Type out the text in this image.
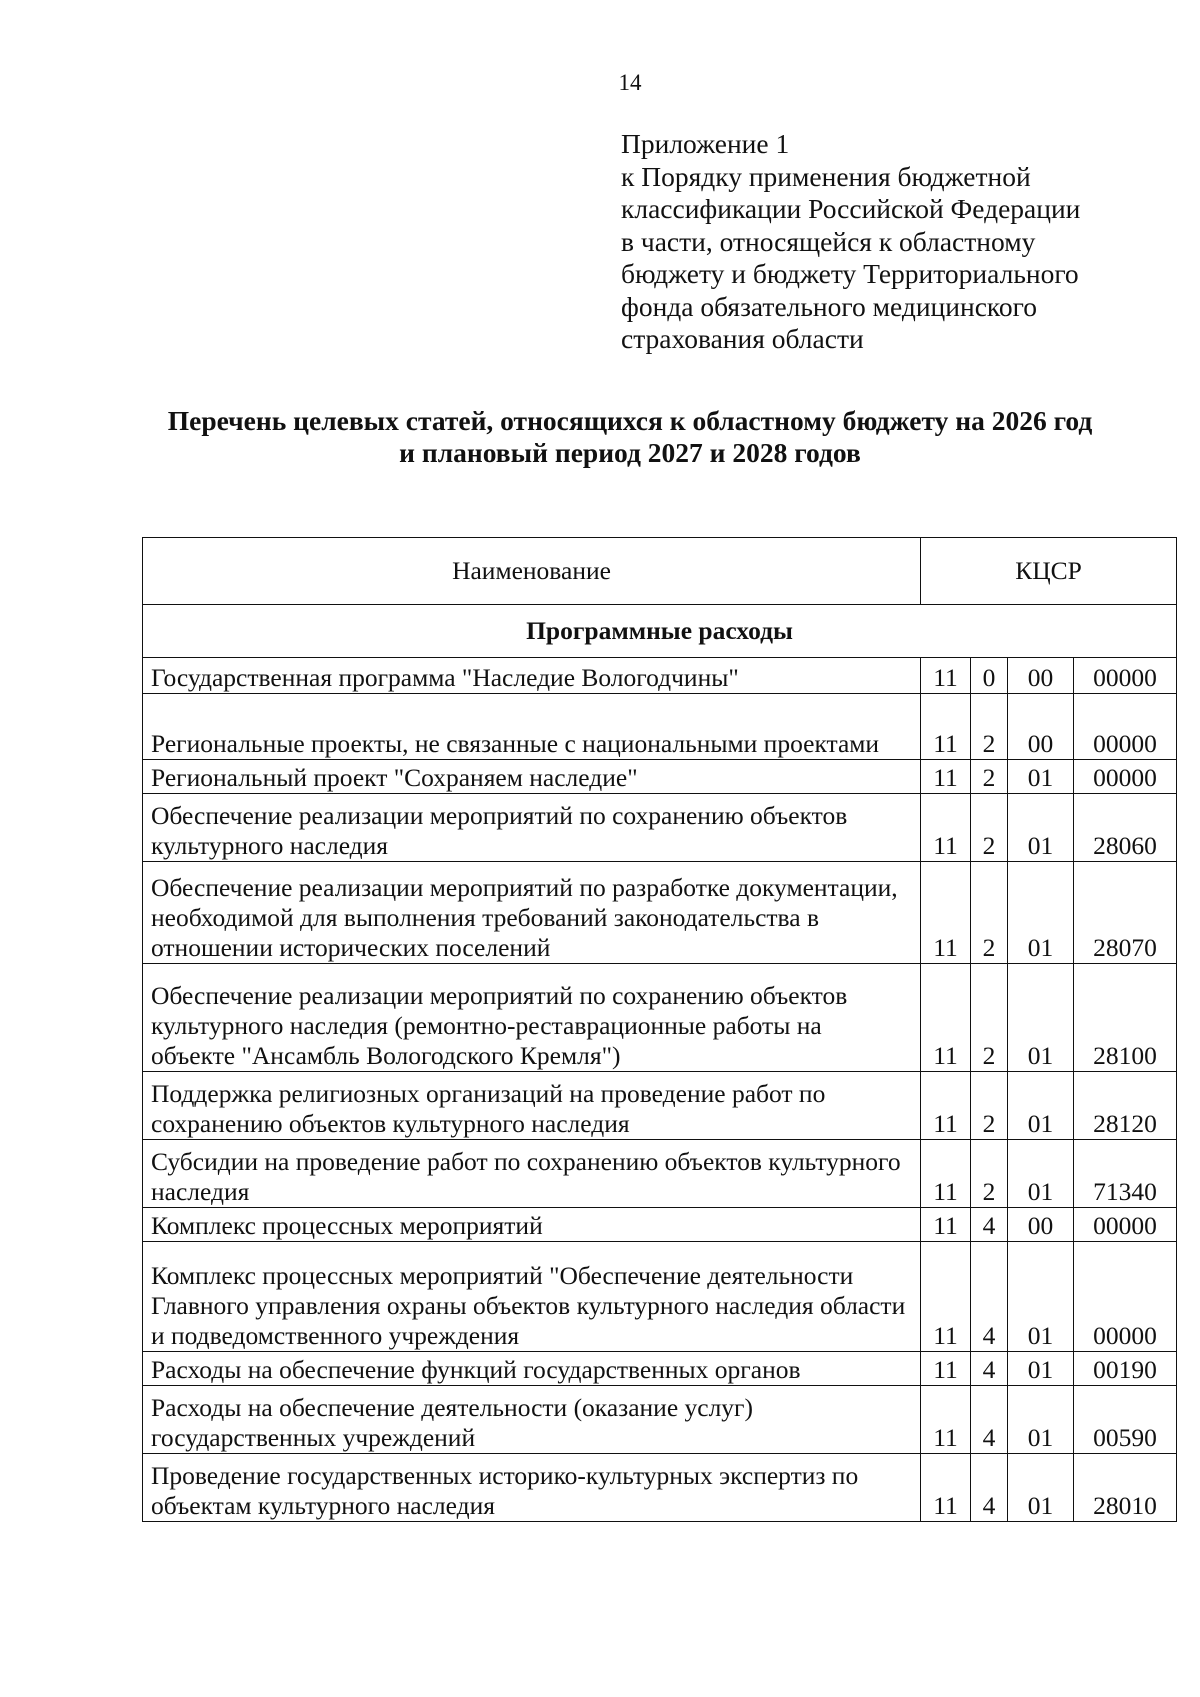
14
Приложение 1
к Порядку применения бюджетной
классификации Российской Федерации
в части, относящейся к областному
бюджету и бюджету Территориального
фонда обязательного медицинского
страхования области
Перечень целевых статей, относящихся к областному бюджету на 2026 год
и плановый период 2027 и 2028 годов
Наименование	КЦСР			
Программные расходы				
Государственная программа "Наследие Вологодчины"	11	0	00	00000
Региональные проекты, не связанные с национальными проектами	11	2	00	00000
Региональный проект "Сохраняем наследие"	11	2	01	00000
Обеспечение реализации мероприятий по сохранению объектов культурного наследия	11	2	01	28060
Обеспечение реализации мероприятий по разработке документации, необходимой для выполнения требований законодательства в отношении исторических поселений	11	2	01	28070
Обеспечение реализации мероприятий по сохранению объектов культурного наследия (ремонтно-реставрационные работы на объекте "Ансамбль Вологодского Кремля")	11	2	01	28100
Поддержка религиозных организаций на проведение работ по сохранению объектов культурного наследия	11	2	01	28120
Субсидии на проведение работ по сохранению объектов культурного наследия	11	2	01	71340
Комплекс процессных мероприятий	11	4	00	00000
Комплекс процессных мероприятий "Обеспечение деятельности Главного управления охраны объектов культурного наследия области и подведомственного учреждения	11	4	01	00000
Расходы на обеспечение функций государственных органов	11	4	01	00190
Расходы на обеспечение деятельности (оказание услуг) государственных учреждений	11	4	01	00590
Проведение государственных историко-культурных экспертиз по объектам культурного наследия	11	4	01	28010
